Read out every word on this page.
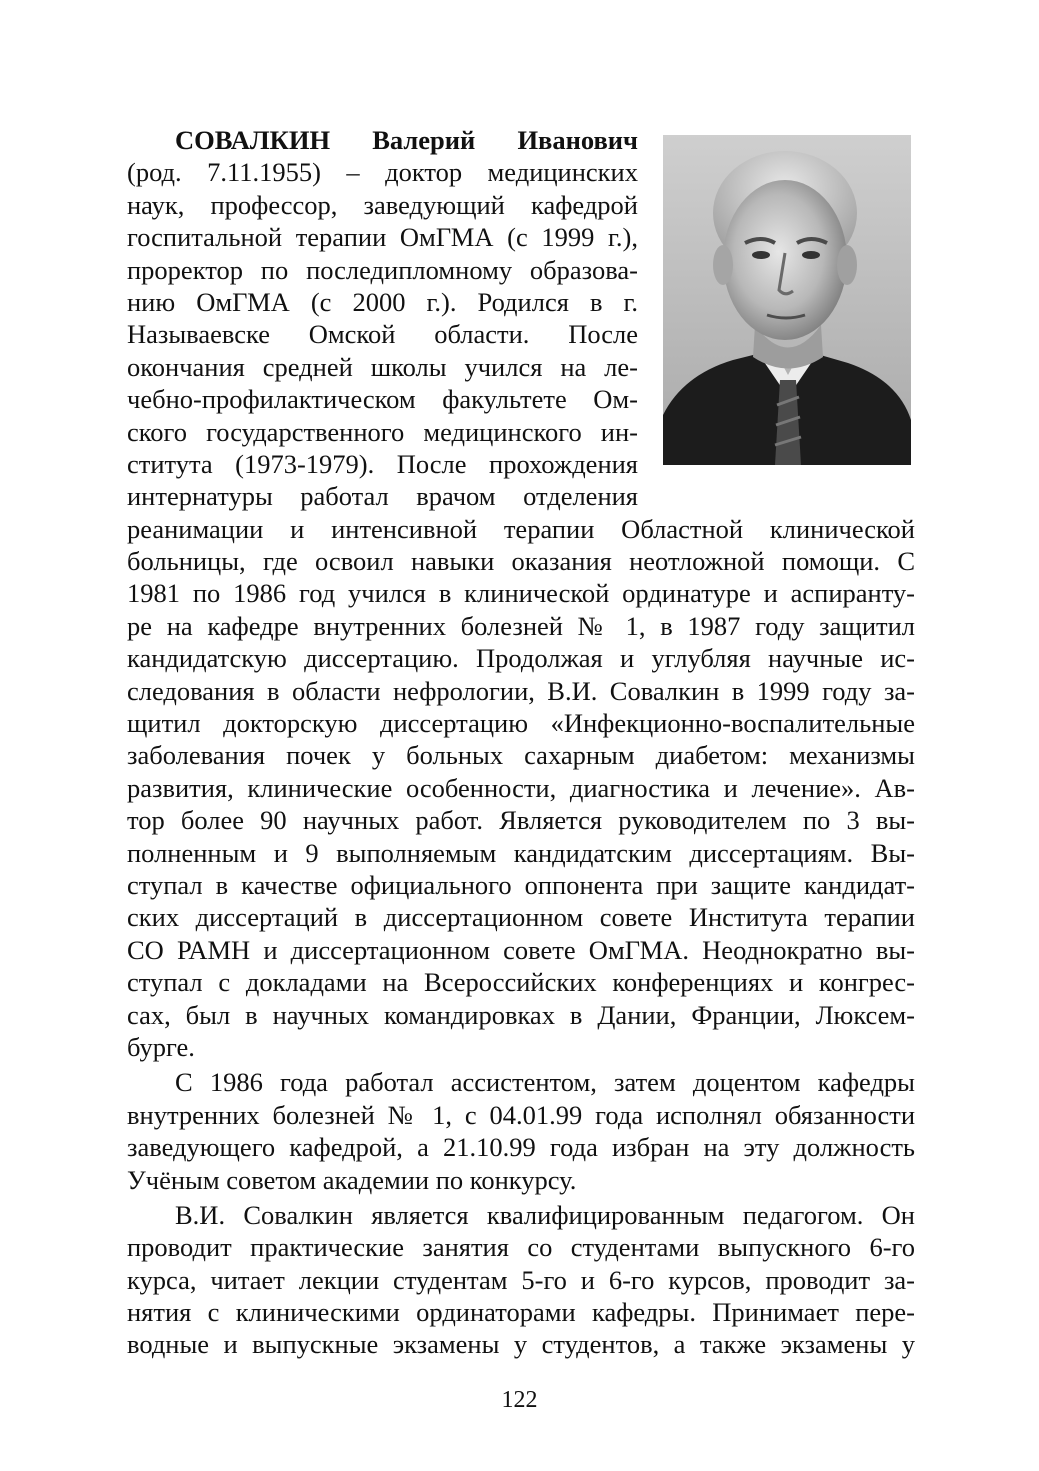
СОВАЛКИН Валерий Иванович
(род. 7.11.1955) – доктор медицинских
наук, профессор, заведующий кафедрой
госпитальной терапии ОмГМА (с 1999 г.),
проректор по последипломному образова-
нию ОмГМА (с 2000 г.). Родился в г.
Называевске Омской области. После
окончания средней школы учился на ле-
чебно-профилактическом факультете Ом-
ского государственного медицинского ин-
ститута (1973-1979). После прохождения
интернатуры работал врачом отделения
реанимации и интенсивной терапии Областной клинической
больницы, где освоил навыки оказания неотложной помощи. С
1981 по 1986 год учился в клинической ординатуре и аспиранту-
ре на кафедре внутренних болезней № 1, в 1987 году защитил
кандидатскую диссертацию. Продолжая и углубляя научные ис-
следования в области нефрологии, В.И. Совалкин в 1999 году за-
щитил докторскую диссертацию «Инфекционно-воспалительные
заболевания почек у больных сахарным диабетом: механизмы
развития, клинические особенности, диагностика и лечение». Ав-
тор более 90 научных работ. Является руководителем по 3 вы-
полненным и 9 выполняемым кандидатским диссертациям. Вы-
ступал в качестве официального оппонента при защите кандидат-
ских диссертаций в диссертационном совете Института терапии
СО РАМН и диссертационном совете ОмГМА. Неоднократно вы-
ступал с докладами на Всероссийских конференциях и конгрес-
сах, был в научных командировках в Дании, Франции, Люксем-
бурге.
С 1986 года работал ассистентом, затем доцентом кафедры
внутренних болезней № 1, с 04.01.99 года исполнял обязанности
заведующего кафедрой, а 21.10.99 года избран на эту должность
Учёным советом академии по конкурсу.
В.И. Совалкин является квалифицированным педагогом. Он
проводит практические занятия со студентами выпускного 6-го
курса, читает лекции студентам 5-го и 6-го курсов, проводит за-
нятия с клиническими ординаторами кафедры. Принимает пере-
водные и выпускные экзамены у студентов, а также экзамены у
122
